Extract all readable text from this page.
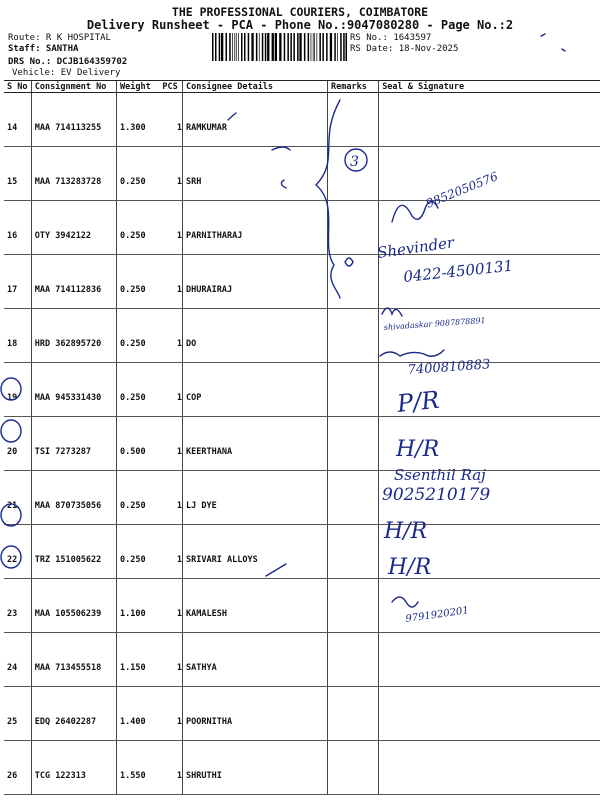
THE PROFESSIONAL COURIERS, COIMBATORE
Delivery Runsheet - PCA - Phone No.:9047080280 - Page No.:2
Route: R K HOSPITAL
Staff: SANTHA
DRS No.: DCJB164359702
Vehicle: EV Delivery
RS No.: 1643597
RS Date: 18-Nov-2025
S No	Consignment No	Weight	PCS	Consignee Details	Remarks	Seal & Signature
14	MAA 714113255	1.300	1	RAMKUMAR		
15	MAA 713283728	0.250	1	SRH		
16	OTY 3942122	0.250	1	PARNITHARAJ		
17	MAA 714112836	0.250	1	DHURAIRAJ		
18	HRD 362895720	0.250	1	DO		
19	MAA 945331430	0.250	1	COP		
20	TSI 7273287	0.500	1	KEERTHANA		
21	MAA 870735056	0.250	1	LJ DYE		
22	TRZ 151005622	0.250	1	SRIVARI ALLOYS		
23	MAA 105506239	1.100	1	KAMALESH		
24	MAA 713455518	1.150	1	SATHYA		
25	EDQ 26402287	1.400	1	POORNITHA		
26	TCG 122313	1.550	1	SHRUTHI		
3
9852050576
Shevinder
0422-4500131
shivadaskar 9087878891
7400810883
P/R
H/R
Ssenthil Raj
9025210179
H/R
H/R
9791920201
